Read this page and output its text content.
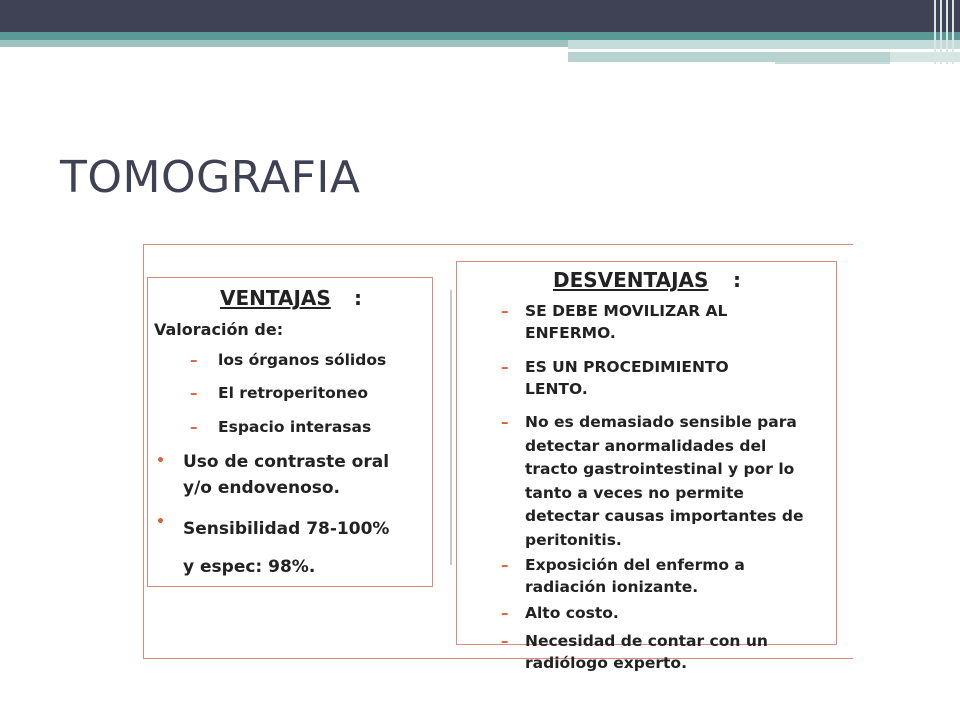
TOMOGRAFIA
VENTAJAS :
Valoración de:
– los órganos sólidos
– El retroperitoneo
– Espacio interasas
• Uso de contraste oral
y/o endovenoso.
• Sensibilidad 78-100%
y espec: 98%.
DESVENTAJAS :
– SE DEBE MOVILIZAR AL
ENFERMO.
– ES UN PROCEDIMIENTO
LENTO.
– No es demasiado sensible para
detectar anormalidades del
tracto gastrointestinal y por lo
tanto a veces no permite
detectar causas importantes de
peritonitis.
– Exposición del enfermo a
radiación ionizante.
– Alto costo.
– Necesidad de contar con un
radiólogo experto.
